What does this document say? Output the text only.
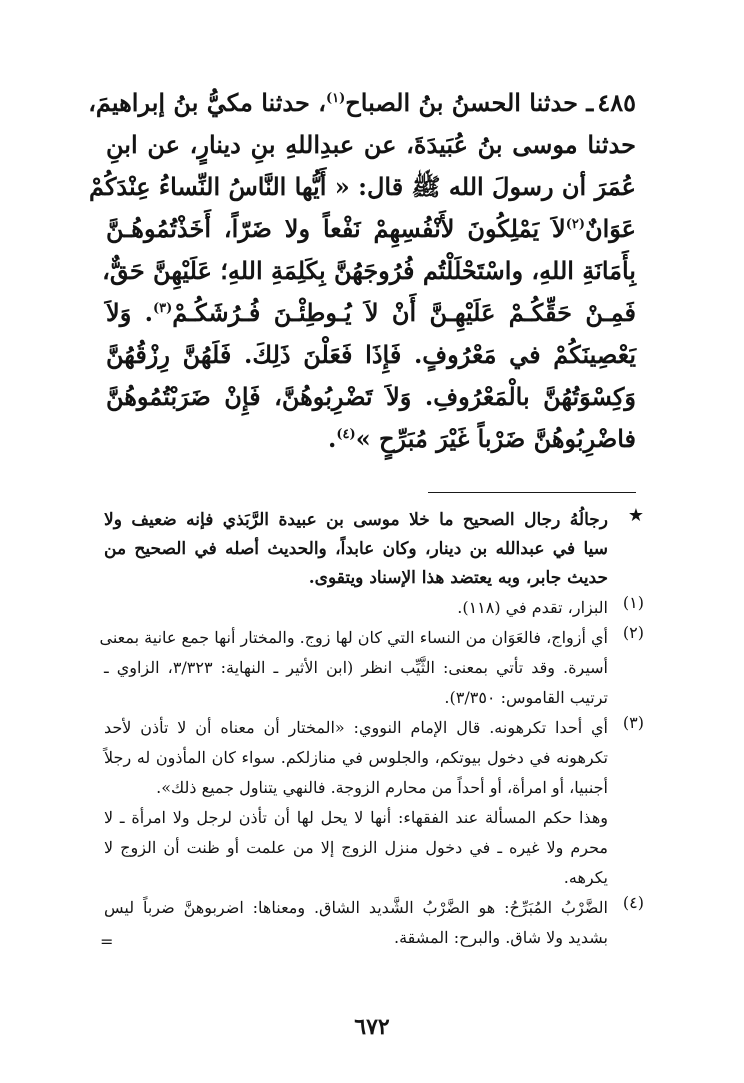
٤٨٥ـ حدثنا الحسنُ بنُ الصباح$^{(١)}$، حدثنا مكيُّ بنُ إبراهيمَ،
حدثنا موسى بنُ عُبَيدَةَ، عن عبدِاللهِ بنِ دينارٍ، عن ابنِ
عُمَرَ أن رسولَ الله ﷺ قال: « أَيُّها النَّاسُ النِّساءُ عِنْدَكُمْ
عَوَانٌ$^{(٢)}$لاَ يَمْلِكُونَ لأَنْفُسِهِمْ نَفْعاً ولا ضَرّاً، أَخَذْتُمُوهُـنَّ
بِأَمَانَةِ اللهِ، واسْتَحْلَلْتُم فُرُوجَهُنَّ بِكَلِمَةِ اللهِ؛ عَلَيْهِنَّ حَقٌّ،
فَمِـنْ حَقِّكُـمْ عَلَيْهِـنَّ أَنْ لاَ يُـوطِئْـنَ فُـرُشَكُـمْ$^{(٣)}$. وَلاَ
يَعْصِينَكُمْ في مَعْرُوفٍ. فَإِذَا فَعَلْنَ ذَلِكَ. فَلَهُنَّ رِزْقُهُنَّ
وَكِسْوَتُهُنَّ بالْمَعْرُوفِ. وَلاَ تَضْرِبُوهُنَّ، فَإِنْ ضَرَبْتُمُوهُنَّ
فاضْرِبُوهُنَّ ضَرْباً غَيْرَ مُبَرِّحٍ »$^{(٤)}$.
★
رجالُهُ رجال الصحيح ما خلا موسى بن عبيدة الرَّبَذي فإنه ضعيف ولا
سيا في عبدالله بن دينار، وكان عابداً، والحديث أصله في الصحيح من
حديث جابر، وبه يعتضد هذا الإسناد ويتقوى.
(١)
البزار، تقدم في (١١٨).
(٢)
أي أزواج، فالعَوَان من النساء التي كان لها زوج. والمختار أنها جمع عانية بمعنى
أسيرة. وقد تأتي بمعنى: الثَّيِّب انظر (ابن الأثير ـ النهاية: ٣/٣٢٣، الزاوي ـ
ترتيب القاموس: ٣/٣٥٠).
(٣)
أي أحدا تكرهونه. قال الإمام النووي: «المختار أن معناه أن لا تأذن لأحد
تكرهونه في دخول بيوتكم، والجلوس في منازلكم. سواء كان المأذون له رجلاً
أجنبيا، أو امرأة، أو أحداً من محارم الزوجة. فالنهي يتناول جميع ذلك».
وهذا حكم المسألة عند الفقهاء: أنها لا يحل لها أن تأذن لرجل ولا امرأة ـ لا
محرم ولا غيره ـ في دخول منزل الزوج إلا من علمت أو ظنت أن الزوج لا
يكرهه.
(٤)
الضَّرْبُ المُبَرِّحُ: هو الضَّرْبُ الشَّديد الشاق. ومعناها: اضربوهنَّ ضرباً ليس
بشديد ولا شاق. والبرح: المشقة.
=
٦٧٢
